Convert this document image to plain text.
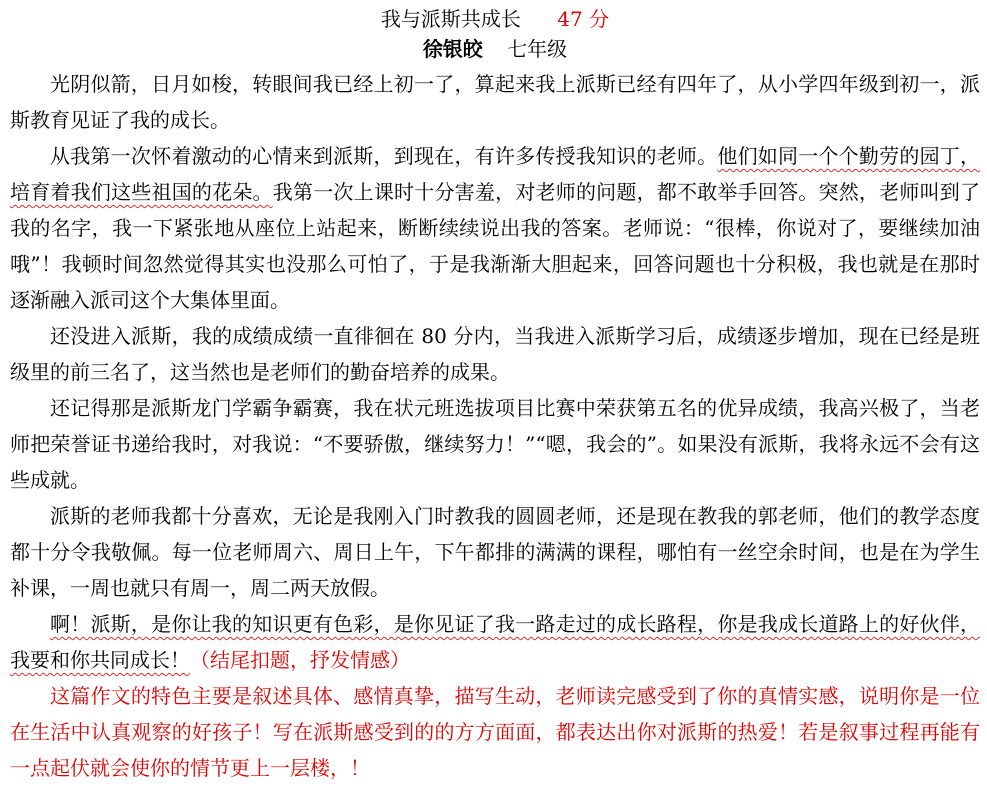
我与派斯共成长 47 分
徐银皎 七年级

光阴似箭，日月如梭，转眼间我已经上初一了，算起来我上派斯已经有四年了，从小学四年级到初一，派斯教育见证了我的成长。

从我第一次怀着激动的心情来到派斯，到现在，有许多传授我知识的老师。他们如同一个个勤劳的园丁，培育着我们这些祖国的花朵。我第一次上课时十分害羞，对老师的问题，都不敢举手回答。突然，老师叫到了我的名字，我一下紧张地从座位上站起来，断断续续说出我的答案。老师说：“很棒，你说对了，要继续加油哦”！我顿时间忽然觉得其实也没那么可怕了，于是我渐渐大胆起来，回答问题也十分积极，我也就是在那时逐渐融入派司这个大集体里面。

还没进入派斯，我的成绩成绩一直徘徊在 80 分内，当我进入派斯学习后，成绩逐步增加，现在已经是班级里的前三名了，这当然也是老师们的勤奋培养的成果。

还记得那是派斯龙门学霸争霸赛，我在状元班选拔项目比赛中荣获第五名的优异成绩，我高兴极了，当老师把荣誉证书递给我时，对我说：“不要骄傲，继续努力！”“嗯，我会的”。如果没有派斯，我将永远不会有这些成就。

派斯的老师我都十分喜欢，无论是我刚入门时教我的圆圆老师，还是现在教我的郭老师，他们的教学态度都十分令我敬佩。每一位老师周六、周日上午，下午都排的满满的课程，哪怕有一丝空余时间，也是在为学生补课，一周也就只有周一，周二两天放假。

啊！派斯，是你让我的知识更有色彩，是你见证了我一路走过的成长路程，你是我成长道路上的好伙伴，我要和你共同成长！（结尾扣题，抒发情感）

这篇作文的特色主要是叙述具体、感情真挚，描写生动，老师读完感受到了你的真情实感，说明你是一位在生活中认真观察的好孩子！写在派斯感受到的的方方面面，都表达出你对派斯的热爱！若是叙事过程再能有一点起伏就会使你的情节更上一层楼，！
